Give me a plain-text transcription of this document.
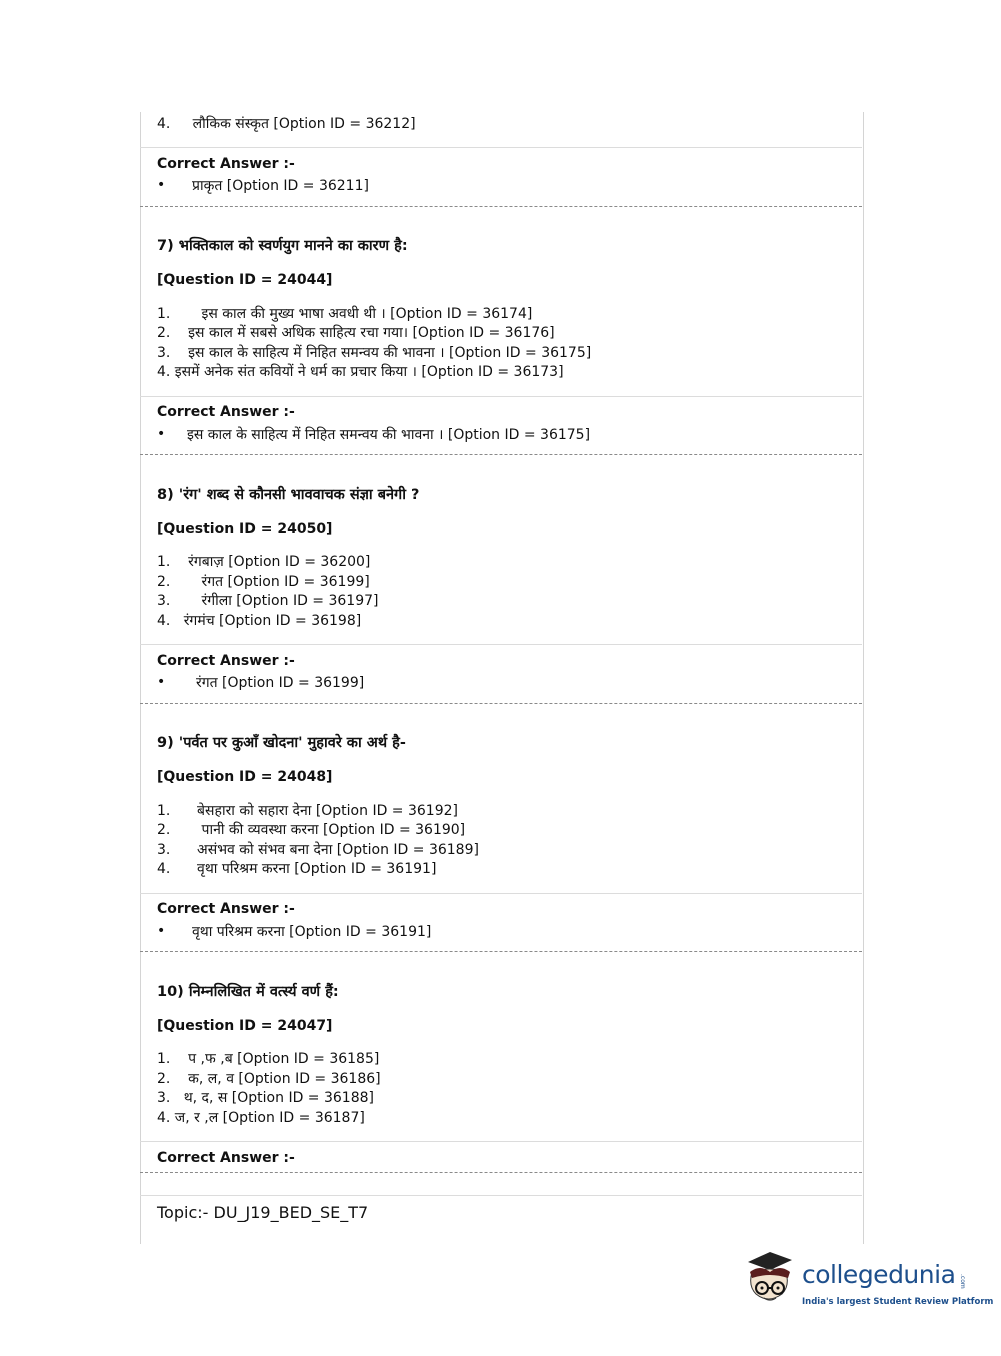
4.     लौकिक संस्कृत [Option ID = 36212]
Correct Answer :-
• प्राकृत [Option ID = 36211]
7) भक्तिकाल को स्वर्णयुग मानने का कारण है:
[Question ID = 24044]
1.       इस काल की मुख्य भाषा अवधी थी । [Option ID = 36174]
2.    इस काल में सबसे अधिक साहित्य रचा गया। [Option ID = 36176]
3.    इस काल के साहित्य में निहित समन्वय की भावना । [Option ID = 36175]
4. इसमें अनेक संत कवियों ने धर्म का प्रचार किया । [Option ID = 36173]
Correct Answer :-
• इस काल के साहित्य में निहित समन्वय की भावना । [Option ID = 36175]
8) 'रंग' शब्द से कौनसी भाववाचक संज्ञा बनेगी ?
[Question ID = 24050]
1.    रंगबाज़ [Option ID = 36200]
2.       रंगत [Option ID = 36199]
3.       रंगीला [Option ID = 36197]
4.   रंगमंच [Option ID = 36198]
Correct Answer :-
• रंगत [Option ID = 36199]
9) 'पर्वत पर कुआँ खोदना' मुहावरे का अर्थ है-
[Question ID = 24048]
1.      बेसहारा को सहारा देना [Option ID = 36192]
2.       पानी की व्यवस्था करना [Option ID = 36190]
3.      असंभव को संभव बना देना [Option ID = 36189]
4.      वृथा परिश्रम करना [Option ID = 36191]
Correct Answer :-
• वृथा परिश्रम करना [Option ID = 36191]
10) निम्नलिखित में वर्त्स्य वर्ण हैं:
[Question ID = 24047]
1.    प ,फ ,ब [Option ID = 36185]
2.    क, ल, व [Option ID = 36186]
3.   थ, द, स [Option ID = 36188]
4. ज, र ,ल [Option ID = 36187]
Correct Answer :-
Topic:- DU_J19_BED_SE_T7
collegedunia .com
India's largest Student Review Platform
